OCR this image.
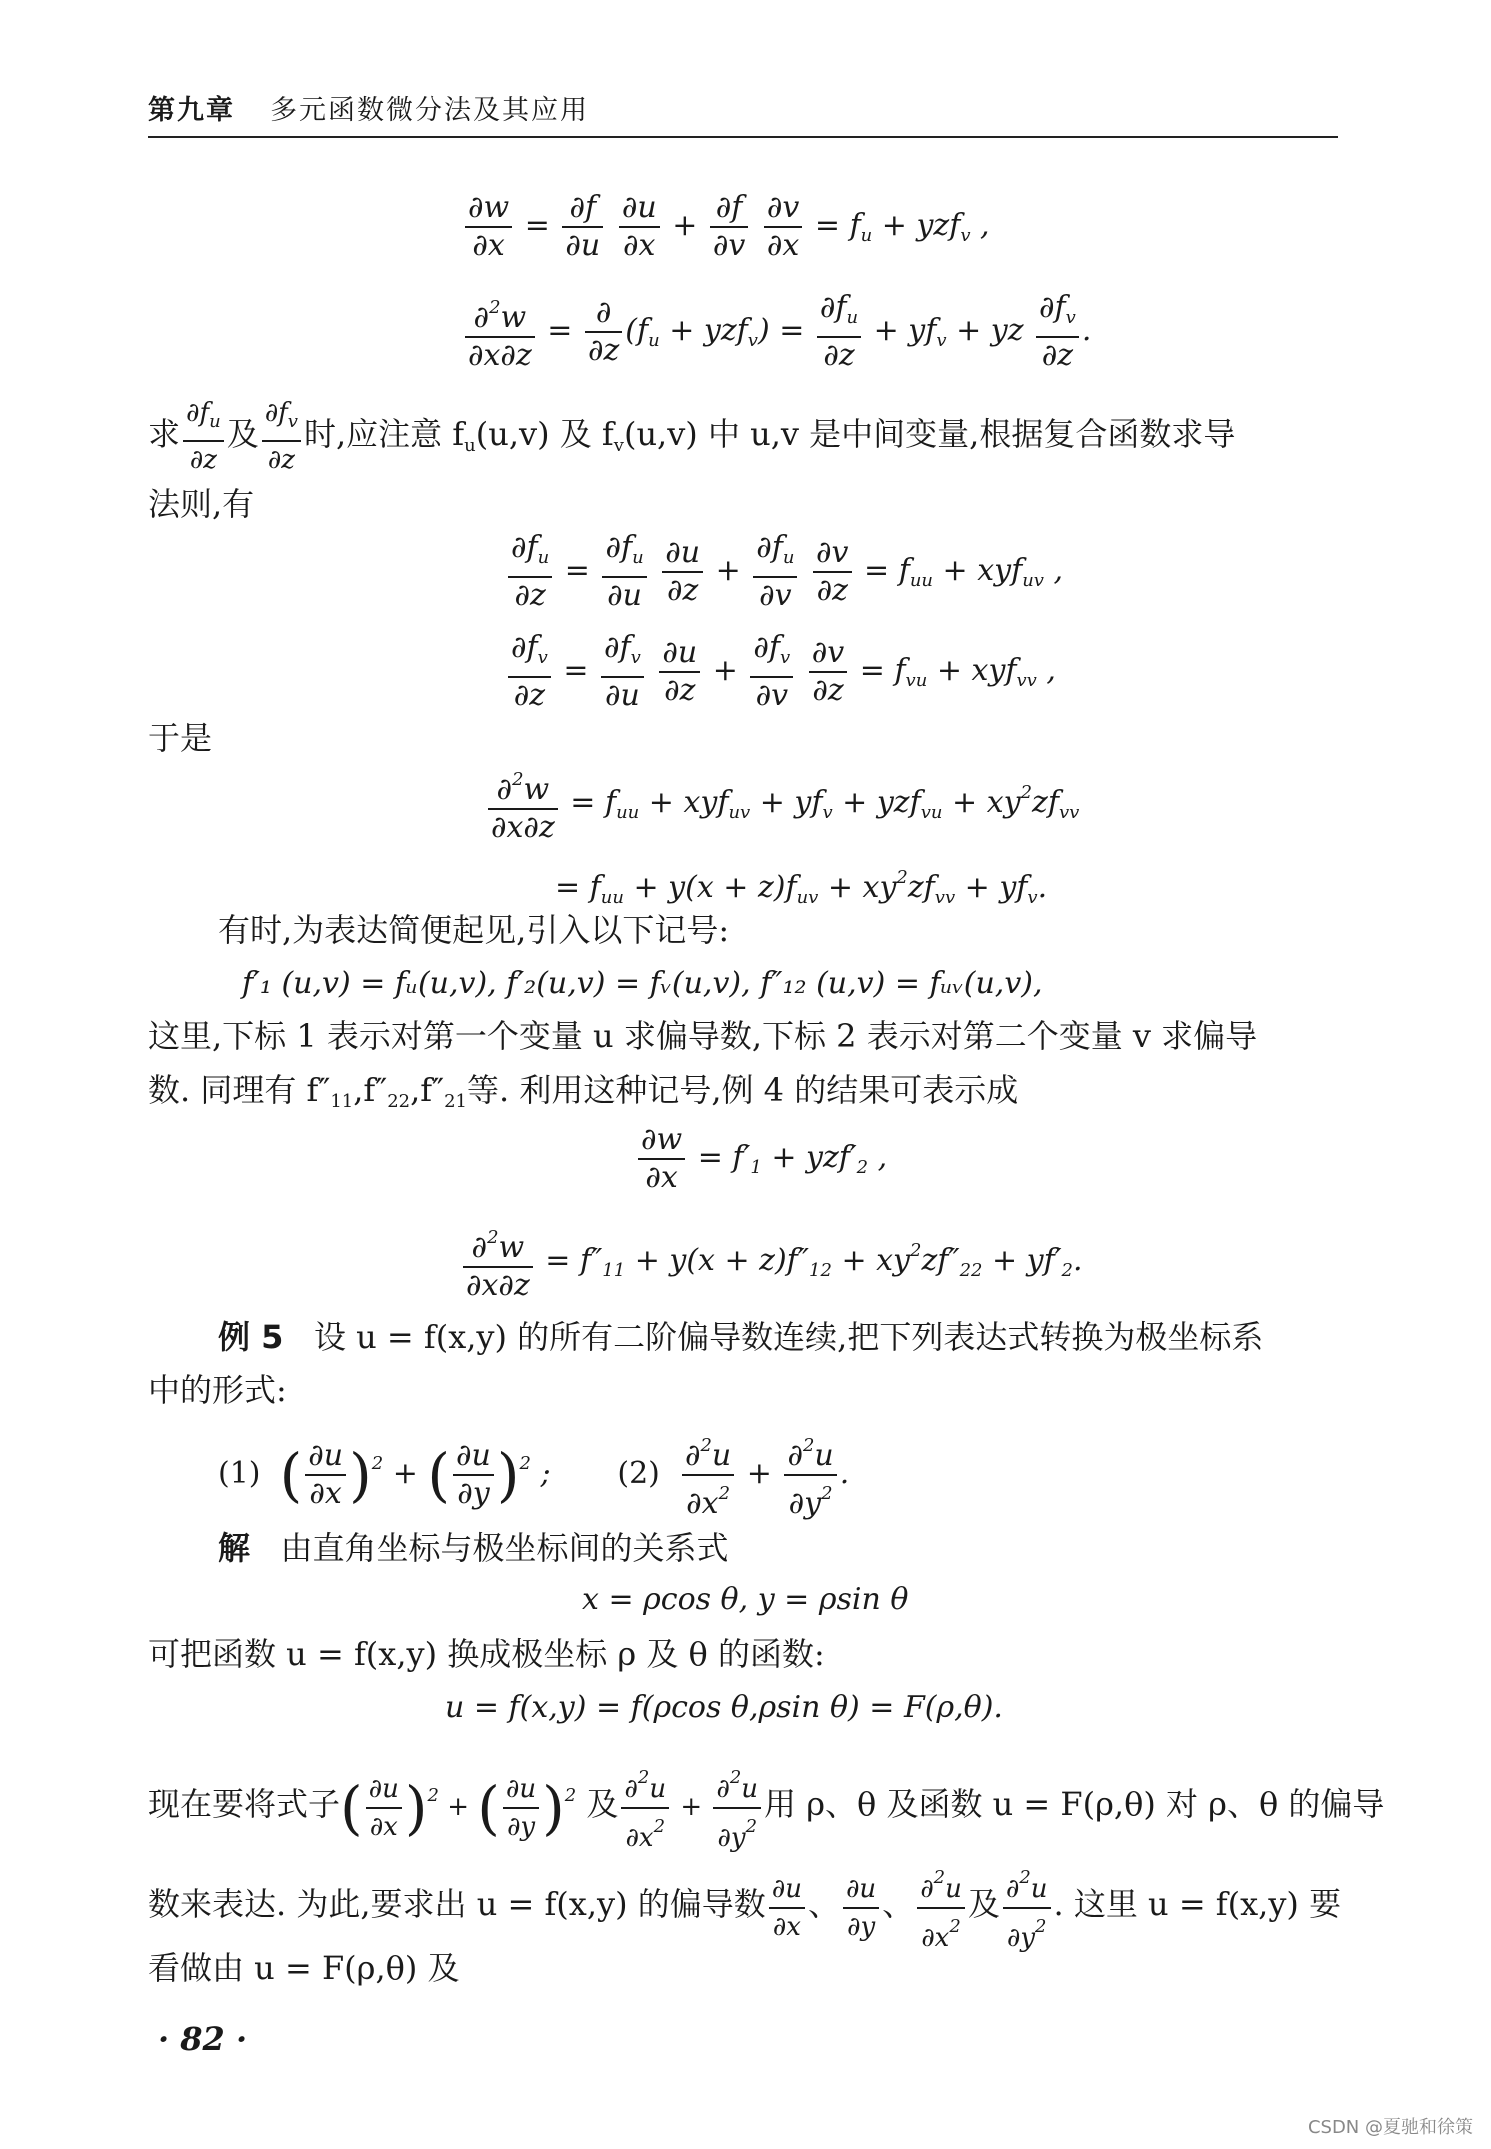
第九章 多元函数微分法及其应用
$\frac{\partial w}{\partial x} = \frac{\partial f}{\partial u}$
$\frac{\partial u}{\partial x} + \frac{\partial f}{\partial v}$
$\frac{\partial v}{\partial x} = f_u + yzf_v$ ,
$\frac{\partial^2w}{\partial x\partial z} = \frac{\partial}{\partial z} (f_u + yzf_v) = \frac{\partial f_u}{\partial z} + yf_v$ + yz $\frac{\partial f_v}{\partial z}$ .
求 $\frac{\partial f_u}{\partial z}$ 及 $\frac{\partial f_v}{\partial z}$ 时,应注意 $f_u(u,v)$ 及 $f_v(u,v)$ 中 u,v 是中间变量,根据复合函数求导
法则,有
$\frac{\partial f_u}{\partial z} = \frac{\partial f_u}{\partial u}$
$\frac{\partial u}{\partial z} + \frac{\partial f_u}{\partial v}$
$\frac{\partial v}{\partial z} = f_{uu} + xyf_{uv}$ ,
$\frac{\partial f_v}{\partial z} = \frac{\partial f_v}{\partial u}$
$\frac{\partial u}{\partial z} + \frac{\partial f_v}{\partial v}$
$\frac{\partial v}{\partial z} = f_{vu} + xyf_{vv}$ ,
于是
$\frac{\partial^2w}{\partial x\partial z} = f_{uu} + xyf_{uv} + yf_v + yzf_{vu} + xy^2zf_{vv}$
= $f_{uu} + y(x + z)f_{uv} + xy^2zf_{vv} + yf_v$.
有时,为表达简便起见,引入以下记号:
f′₁ (u,v) = fᵤ(u,v), f′₂(u,v) = fᵥ(u,v), f″₁₂ (u,v) = fᵤᵥ(u,v),
这里,下标 1 表示对第一个变量 u 求偏导数,下标 2 表示对第二个变量 v 求偏导
数. 同理有 $f''_{11},f''_{22},f''_{21}$等. 利用这种记号,例 4 的结果可表示成
$\frac{\partial w}{\partial x} = f'_1 + yzf'_2$ ,
$\frac{\partial^2w}{\partial x\partial z} = f''_{11} + y(x + z)f''_{12} + xy^2zf''_{22} + yf'_2$.
例 5 设 u = f(x,y) 的所有二阶偏导数连续,把下列表达式转换为极坐标系
中的形式:
(1) ( $\frac{\partial u}{\partial x} )^2$ + ( $\frac{\partial u}{\partial y} )^2$ ;       $(2) \frac{\partial^2u}{\partial x^2} + \frac{\partial^2u}{\partial y^2}$ .
解 由直角坐标与极坐标间的关系式
x = ρcos θ, y = ρsin θ
可把函数 u = f(x,y) 换成极坐标 ρ 及 θ 的函数:
u = f(x,y) = f(ρcos θ,ρsin θ) = F(ρ,θ).
现在要将式子( $\frac{\partial u}{\partial x} )^2$ + ( $\frac{\partial u}{\partial y} )^2$ 及 $\frac{\partial^2u}{\partial x^2} + \frac{\partial^2u}{\partial y^2}$ 用 ρ、θ 及函数 u = F(ρ,θ) 对 ρ、θ 的偏导
数来表达. 为此,要求出 u = f(x,y) 的偏导数 $\frac{\partial u}{\partial x}$ 、 $\frac{\partial u}{\partial y}$ 、 $\frac{\partial^2u}{\partial x^2}$ 及 $\frac{\partial^2u}{\partial y^2}$ . 这里 u = f(x,y) 要
看做由 u = F(ρ,θ) 及
· 82 ·
CSDN @夏驰和徐策
